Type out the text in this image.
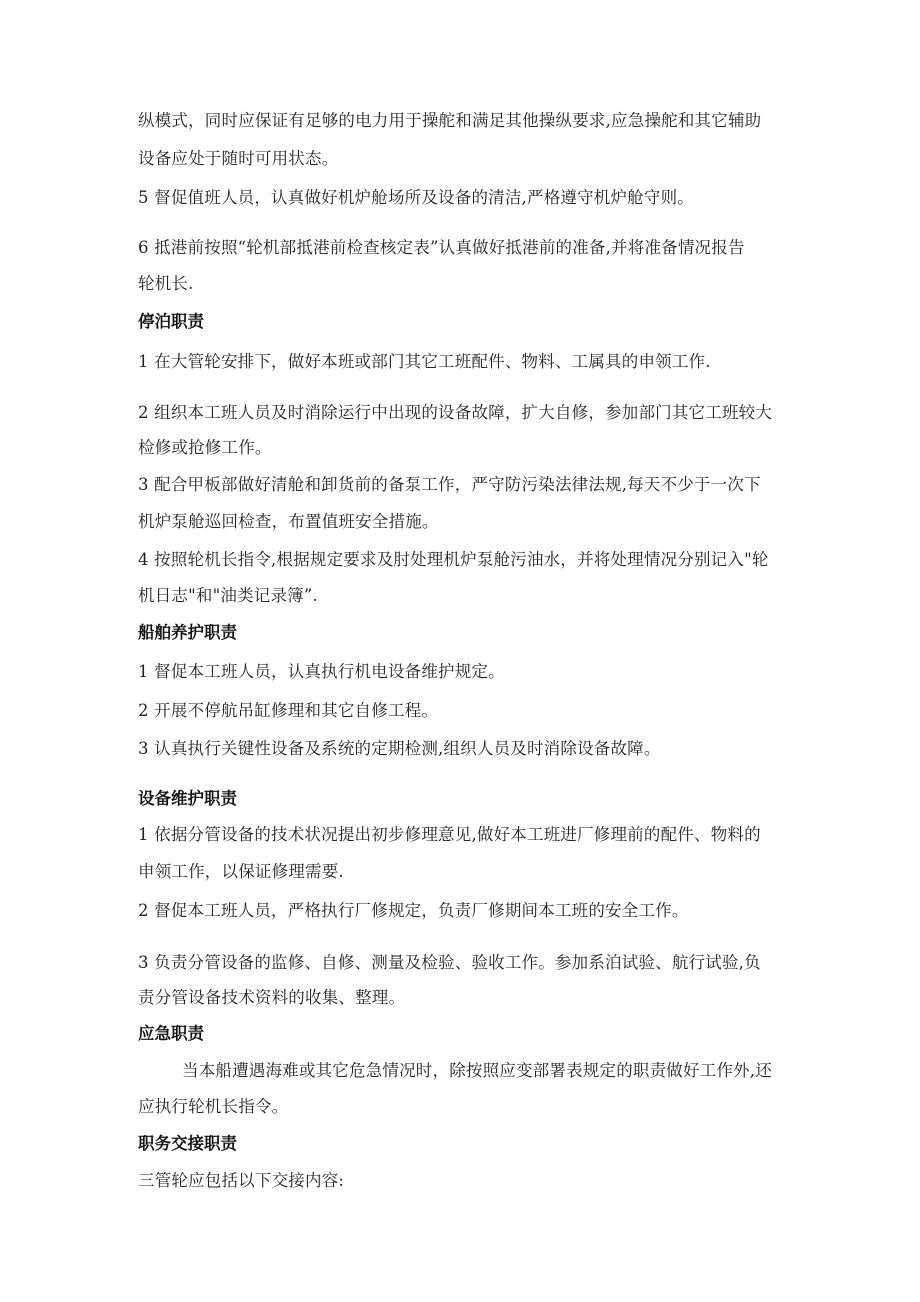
纵模式，同时应保证有足够的电力用于操舵和满足其他操纵要求,应急操舵和其它辅助
设备应处于随时可用状态。
5 督促值班人员，认真做好机炉舱场所及设备的清洁,严格遵守机炉舱守则。
6 抵港前按照“轮机部抵港前检查核定表”认真做好抵港前的准备,并将准备情况报告
轮机长.
停泊职责
1 在大管轮安排下，做好本班或部门其它工班配件、物料、工属具的申领工作.
2 组织本工班人员及时消除运行中出现的设备故障，扩大自修，参加部门其它工班较大
检修或抢修工作。
3 配合甲板部做好清舱和卸货前的备泵工作，严守防污染法律法规,每天不少于一次下
机炉泵舱巡回检查，布置值班安全措施。
4 按照轮机长指令,根据规定要求及肘处理机炉泵舱污油水，并将处理情况分别记入"轮
机日志"和"油类记录簿”.
船舶养护职责
1 督促本工班人员，认真执行机电设备维护规定。
2 开展不停航吊缸修理和其它自修工程。
3 认真执行关键性设备及系统的定期检测,组织人员及时消除设备故障。
设备维护职责
1 依据分管设备的技术状况提出初步修理意见,做好本工班进厂修理前的配件、物料的
申领工作，以保证修理需要.
2 督促本工班人员，严格执行厂修规定，负责厂修期间本工班的安全工作。
3 负责分管设备的监修、自修、测量及检验、验收工作。参加系泊试验、航行试验,负
责分管设备技术资料的收集、整理。
应急职责
当本船遭遇海难或其它危急情况时，除按照应变部署表规定的职责做好工作外,还
应执行轮机长指令。
职务交接职责
三管轮应包括以下交接内容:
